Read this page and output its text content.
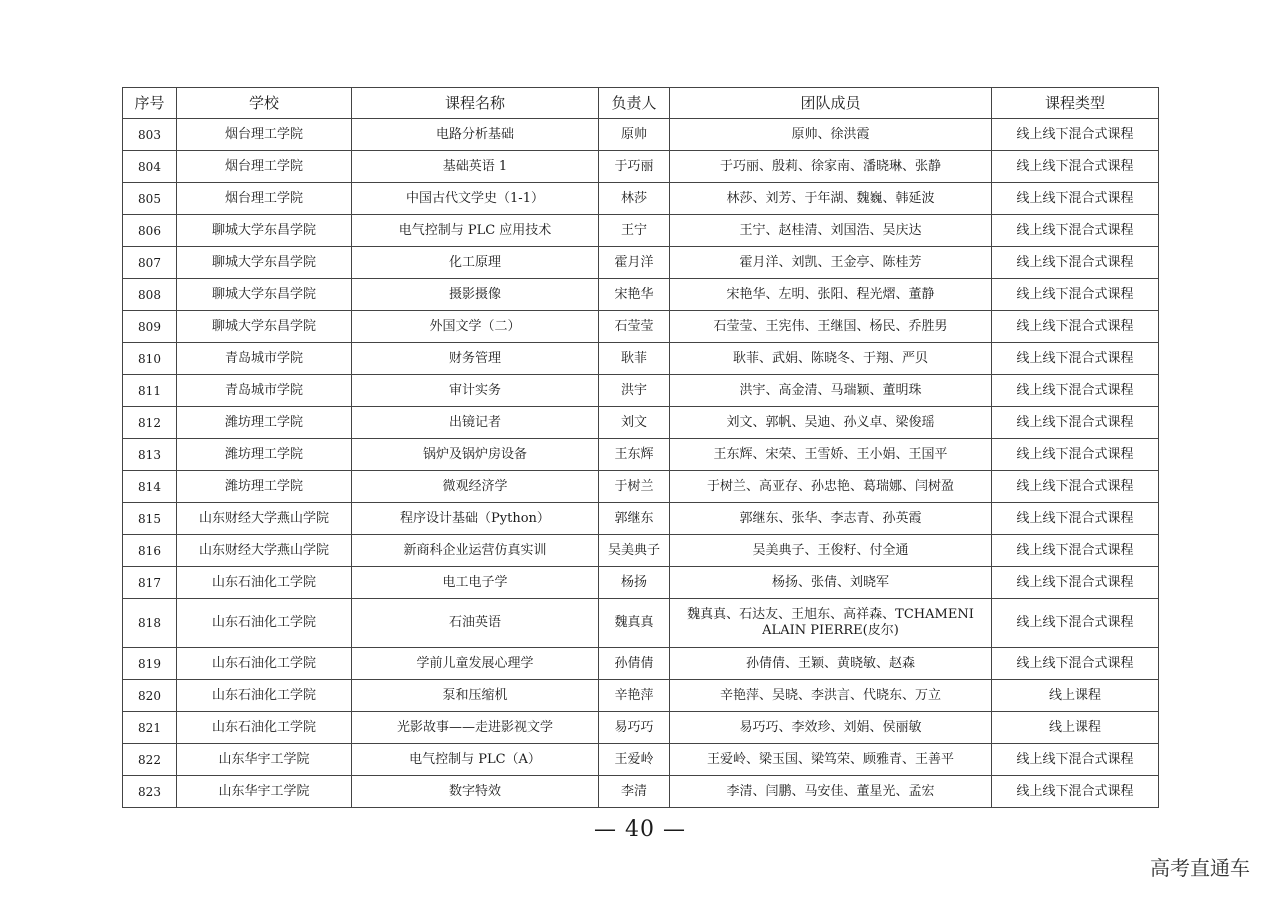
序号	学校	课程名称	负责人	团队成员	课程类型
803	烟台理工学院	电路分析基础	原帅	原帅、徐洪霞	线上线下混合式课程
804	烟台理工学院	基础英语 1	于巧丽	于巧丽、殷莉、徐家南、潘晓琳、张静	线上线下混合式课程
805	烟台理工学院	中国古代文学史（1-1）	林莎	林莎、刘芳、于年湖、魏巍、韩延波	线上线下混合式课程
806	聊城大学东昌学院	电气控制与 PLC 应用技术	王宁	王宁、赵桂清、刘国浩、吴庆达	线上线下混合式课程
807	聊城大学东昌学院	化工原理	霍月洋	霍月洋、刘凯、王金亭、陈桂芳	线上线下混合式课程
808	聊城大学东昌学院	摄影摄像	宋艳华	宋艳华、左明、张阳、程光熠、董静	线上线下混合式课程
809	聊城大学东昌学院	外国文学（二）	石莹莹	石莹莹、王宪伟、王继国、杨民、乔胜男	线上线下混合式课程
810	青岛城市学院	财务管理	耿菲	耿菲、武娟、陈晓冬、于翔、严贝	线上线下混合式课程
811	青岛城市学院	审计实务	洪宇	洪宇、高金清、马瑞颖、董明珠	线上线下混合式课程
812	潍坊理工学院	出镜记者	刘文	刘文、郭帆、吴迪、孙义卓、梁俊瑶	线上线下混合式课程
813	潍坊理工学院	锅炉及锅炉房设备	王东辉	王东辉、宋荣、王雪娇、王小娟、王国平	线上线下混合式课程
814	潍坊理工学院	微观经济学	于树兰	于树兰、高亚存、孙忠艳、葛瑞娜、闫树盈	线上线下混合式课程
815	山东财经大学燕山学院	程序设计基础（Python）	郭继东	郭继东、张华、李志青、孙英霞	线上线下混合式课程
816	山东财经大学燕山学院	新商科企业运营仿真实训	吴美典子	吴美典子、王俊籽、付全通	线上线下混合式课程
817	山东石油化工学院	电工电子学	杨扬	杨扬、张倩、刘晓军	线上线下混合式课程
818	山东石油化工学院	石油英语	魏真真	魏真真、石达友、王旭东、高祥森、TCHAMENI ALAIN PIERRE(皮尔)	线上线下混合式课程
819	山东石油化工学院	学前儿童发展心理学	孙倩倩	孙倩倩、王颖、黄晓敏、赵森	线上线下混合式课程
820	山东石油化工学院	泵和压缩机	辛艳萍	辛艳萍、吴晓、李洪言、代晓东、万立	线上课程
821	山东石油化工学院	光影故事——走进影视文学	易巧巧	易巧巧、李效珍、刘娟、侯丽敏	线上课程
822	山东华宇工学院	电气控制与 PLC（A）	王爱岭	王爱岭、梁玉国、梁笃荣、顾雅青、王善平	线上线下混合式课程
823	山东华宇工学院	数字特效	李清	李清、闫鹏、马安佳、董星光、孟宏	线上线下混合式课程
— 40 —
高考直通车
